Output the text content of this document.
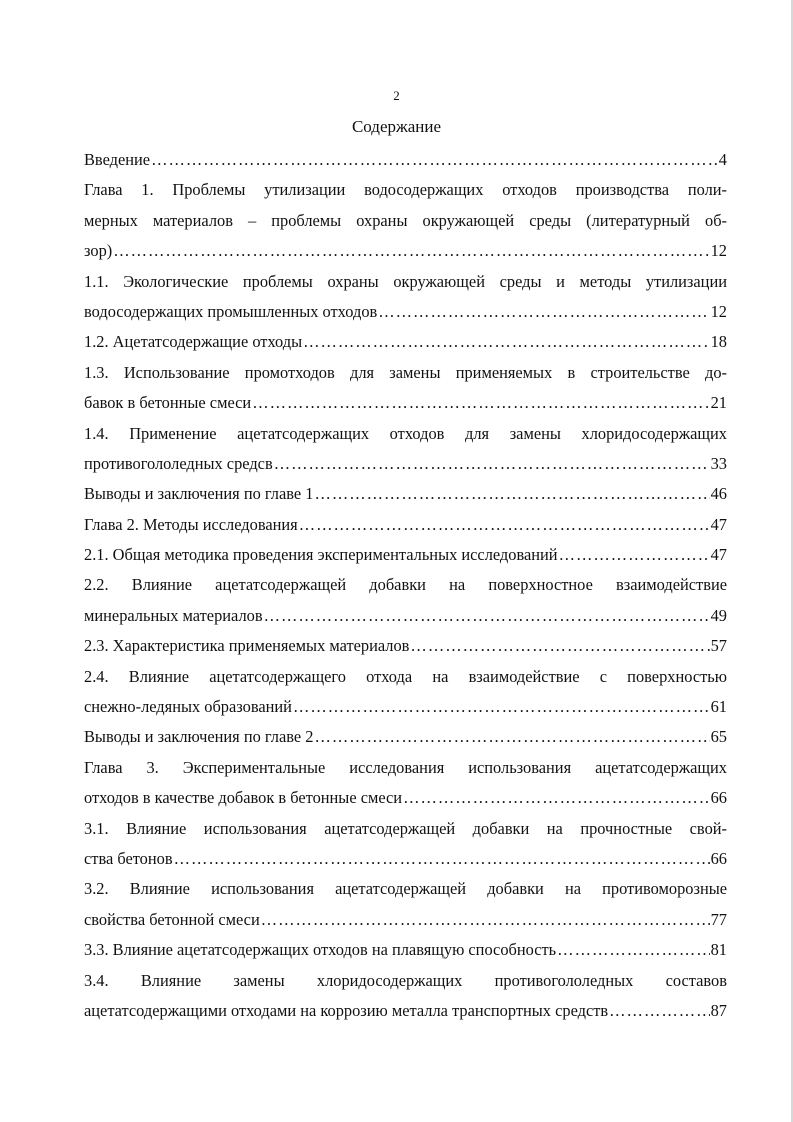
2
Содержание
Введение …………………………………………………………………………………………………………………………………………………	4
Глава 1. Проблемы утилизации водосодержащих отходов производства поли-
мерных материалов – проблемы охраны окружающей среды (литературный об-
зор) …………………………………………………………………………………………………………………………………………………	12
1.1. Экологические проблемы охраны окружающей среды и методы утилизации
водосодержащих промышленных отходов …………………………………………………………………………………………………………………………………………………	12
1.2. Ацетатсодержащие отходы …………………………………………………………………………………………………………………………………………………	18
1.3. Использование промотходов для замены применяемых в строительстве до-
бавок в бетонные смеси …………………………………………………………………………………………………………………………………………………	21
1.4. Применение ацетатсодержащих отходов для замены хлоридосодержащих
противогололедных средсв …………………………………………………………………………………………………………………………………………………	33
Выводы и заключения по главе 1 …………………………………………………………………………………………………………………………………………………	46
Глава 2. Методы исследования …………………………………………………………………………………………………………………………………………………	47
2.1. Общая методика проведения экспериментальных исследований …………………………………………………………………………………………………………………………………………………	47
2.2. Влияние ацетатсодержащей добавки на поверхностное взаимодействие
минеральных материалов …………………………………………………………………………………………………………………………………………………	49
2.3. Характеристика применяемых материалов …………………………………………………………………………………………………………………………………………………	57
2.4. Влияние ацетатсодержащего отхода на взаимодействие с поверхностью
снежно-ледяных образований …………………………………………………………………………………………………………………………………………………	61
Выводы и заключения по главе 2 …………………………………………………………………………………………………………………………………………………	65
Глава 3. Экспериментальные исследования использования ацетатсодержащих
отходов в качестве добавок в бетонные смеси …………………………………………………………………………………………………………………………………………………	66
3.1. Влияние использования ацетатсодержащей добавки на прочностные свой-
ства бетонов …………………………………………………………………………………………………………………………………………………	66
3.2. Влияние использования ацетатсодержащей добавки на противоморозные
свойства бетонной смеси …………………………………………………………………………………………………………………………………………………	77
3.3. Влияние ацетатсодержащих отходов на плавящую способность …………………………………………………………………………………………………………………………………………………	81
3.4. Влияние замены хлоридосодержащих противогололедных составов
ацетатсодержащими отходами на коррозию металла транспортных средств …………………………………………………………………………………………………………………………………………………	87
